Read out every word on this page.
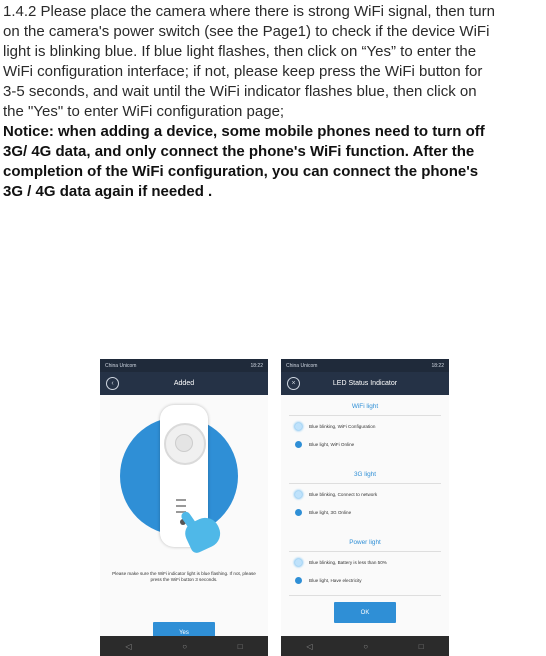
1.4.2 Please place the camera where there is strong WiFi signal, then turn
on the camera's power switch (see the Page1) to check if the device WiFi
light is blinking blue. If blue light flashes, then click on “Yes” to enter the
WiFi configuration interface; if not, please keep press the WiFi button for
3-5 seconds, and wait until the WiFi indicator flashes blue, then click on
the "Yes" to enter WiFi configuration page;
Notice: when adding a device, some mobile phones need to turn off
3G/ 4G data, and only connect the phone's WiFi function. After the
completion of the WiFi configuration, you can connect the phone's
3G / 4G data again if needed .
China Unicom	18:22
‹	Added
Please make sure the WiFi indicator light is blue flashing. If not, please press the WiFi button 3 seconds.
Yes
◁	○	□
China Unicom	18:22
×	LED Status Indicator
WiFi light
Blue blinking, WiFi Configuration
Blue light, WiFi Online
3G light
Blue blinking, Connect to network
Blue light, 3G Online
Power light
Blue blinking, Battery is less than 50%
Blue light, Have electricity
OK
◁	○	□
